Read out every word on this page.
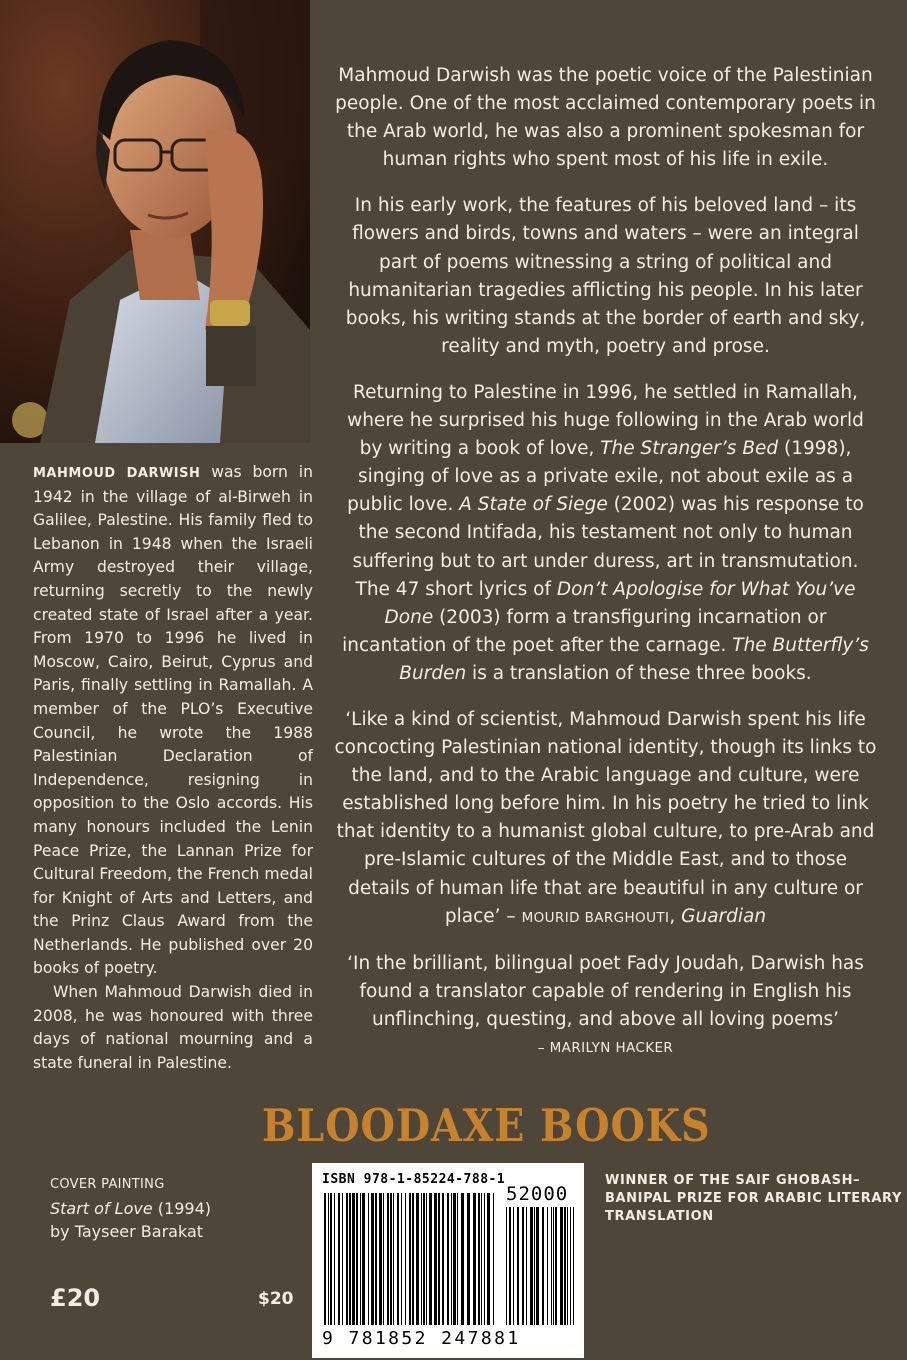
MAHMOUD DARWISH was born in 1942 in the village of al-Birweh in Galilee, Palestine. His family fled to Lebanon in 1948 when the Israeli Army destroyed their village, returning secretly to the newly created state of Israel after a year. From 1970 to 1996 he lived in Moscow, Cairo, Beirut, Cyprus and Paris, finally settling in Ramallah. A member of the PLO’s Executive Council, he wrote the 1988 Palestinian Declaration of Independence, resigning in opposition to the Oslo accords. His many honours included the Lenin Peace Prize, the Lannan Prize for Cultural Freedom, the French medal for Knight of Arts and Letters, and the Prinz Claus Award from the Netherlands. He published over 20 books of poetry.

When Mahmoud Darwish died in 2008, he was honoured with three days of national mourning and a state funeral in Palestine.

Mahmoud Darwish was the poetic voice of the Palestinian people. One of the most acclaimed contemporary poets in the Arab world, he was also a prominent spokesman for human rights who spent most of his life in exile.

In his early work, the features of his beloved land – its flowers and birds, towns and waters – were an integral part of poems witnessing a string of political and humanitarian tragedies afflicting his people. In his later books, his writing stands at the border of earth and sky, reality and myth, poetry and prose.

Returning to Palestine in 1996, he settled in Ramallah, where he surprised his huge following in the Arab world by writing a book of love, The Stranger’s Bed (1998), singing of love as a private exile, not about exile as a public love. A State of Siege (2002) was his response to the second Intifada, his testament not only to human suffering but to art under duress, art in transmutation. The 47 short lyrics of Don’t Apologise for What You’ve Done (2003) form a transfiguring incarnation or incantation of the poet after the carnage. The Butterfly’s Burden is a translation of these three books.

‘Like a kind of scientist, Mahmoud Darwish spent his life concocting Palestinian national identity, though its links to the land, and to the Arabic language and culture, were established long before him. In his poetry he tried to link that identity to a humanist global culture, to pre-Arab and pre-Islamic cultures of the Middle East, and to those details of human life that are beautiful in any culture or place’ – MOURID BARGHOUTI, Guardian

‘In the brilliant, bilingual poet Fady Joudah, Darwish has found a translator capable of rendering in English his unflinching, questing, and above all loving poems’
– MARILYN HACKER

BLOODAXE BOOKS
COVER PAINTING
Start of Love (1994)
by Tayseer Barakat
£20	$20
ISBN 978-1-85224-788-1
52000
9 781852 247881
WINNER OF THE SAIF GHOBASH– BANIPAL PRIZE FOR ARABIC LITERARY TRANSLATION
